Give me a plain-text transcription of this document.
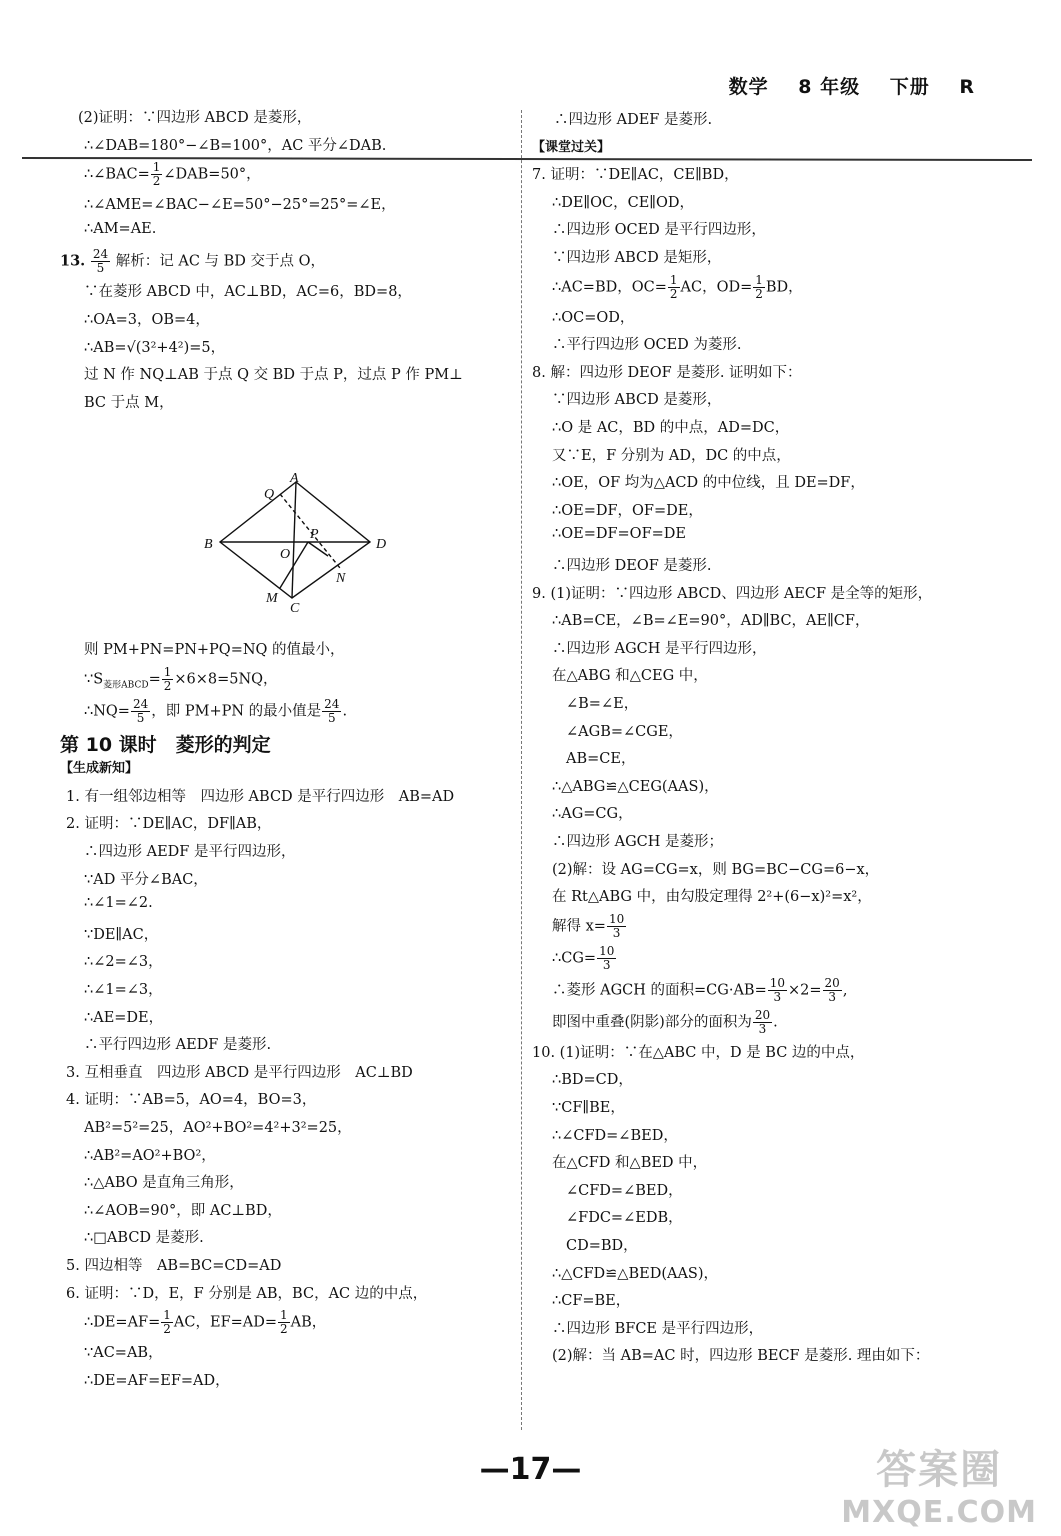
数学 8 年级 下册 R
(2)证明：∵四边形 ABCD 是菱形，
∴∠DAB=180°−∠B=100°，AC 平分∠DAB.
∴∠BAC= $\frac{1}{2}$ ∠DAB=50°，
∴∠AME=∠BAC−∠E=50°−25°=25°=∠E，
∴AM=AE.
13. $\frac{24}{5}$ 解析：记 AC 与 BD 交于点 O，
∵在菱形 ABCD 中，AC⊥BD，AC=6，BD=8，
∴OA=3，OB=4，
∴AB=√(3²+4²)=5，
过 N 作 NQ⊥AB 于点 Q 交 BD 于点 P，过点 P 作 PM⊥
BC 于点 M，
A
B
C
D
O
P
Q
M
N
则 PM+PN=PN+PQ=NQ 的值最小，
$\because S_{菱形ABCD}= \frac{1}{2} \times 6\times 8=5NQ$，
∴NQ= $\frac{24}{5}$ ，即 PM+PN 的最小值是 $\frac{24}{5}$ .
第 10 课时　菱形的判定
【生成新知】
1. 有一组邻边相等　四边形 ABCD 是平行四边形　AB=AD
2. 证明：∵DE∥AC，DF∥AB，
∴四边形 AEDF 是平行四边形，
∵AD 平分∠BAC，
∴∠1=∠2.
∵DE∥AC，
∴∠2=∠3，
∴∠1=∠3，
∴AE=DE，
∴平行四边形 AEDF 是菱形.
3. 互相垂直　四边形 ABCD 是平行四边形　AC⊥BD
4. 证明：∵AB=5，AO=4，BO=3，
AB²=5²=25，AO²+BO²=4²+3²=25，
∴AB²=AO²+BO²，
∴△ABO 是直角三角形，
∴∠AOB=90°，即 AC⊥BD，
∴□ABCD 是菱形.
5. 四边相等　AB=BC=CD=AD
6. 证明：∵D，E，F 分别是 AB，BC，AC 边的中点，
∴DE=AF= $\frac{1}{2}$ AC，$EF=AD= \frac{1}{2}$ AB，
∵AC=AB，
∴DE=AF=EF=AD，
∴四边形 ADEF 是菱形.
【课堂过关】
7. 证明：∵DE∥AC，CE∥BD，
∴DE∥OC，CE∥OD，
∴四边形 OCED 是平行四边形，
∵四边形 ABCD 是矩形，
∴AC=BD，$OC= \frac{1}{2}$ AC，$OD= \frac{1}{2}$ BD，
∴OC=OD，
∴平行四边形 OCED 为菱形.
8. 解：四边形 DEOF 是菱形. 证明如下：
∵四边形 ABCD 是菱形，
∴O 是 AC，BD 的中点，AD=DC，
又∵E，F 分别为 AD，DC 的中点，
∴OE，OF 均为△ACD 的中位线，且 DE=DF，
∴OE=DF，OF=DE，
∴OE=DF=OF=DE
∴四边形 DEOF 是菱形.
9. (1)证明：∵四边形 ABCD、四边形 AECF 是全等的矩形，
∴AB=CE，∠B=∠E=90°，AD∥BC，AE∥CF，
∴四边形 AGCH 是平行四边形，
在△ABG 和△CEG 中，
∠B=∠E，
∠AGB=∠CGE，
AB=CE，
∴△ABG≌△CEG(AAS)，
∴AG=CG，
∴四边形 AGCH 是菱形；
(2)解：设 AG=CG=x，则 BG=BC−CG=6−x，
在 Rt△ABG 中，由勾股定理得 2²+(6−x)²=x²，
解得 $x= \frac{10}{3}$
∴CG= $\frac{10}{3}$
∴菱形 AGCH 的面积$=CG\cdot AB= \frac{10}{3} \times 2= \frac{20}{3}$ ,
即图中重叠(阴影)部分的面积为 $\frac{20}{3}$ .
10. (1)证明：∵在△ABC 中，D 是 BC 边的中点，
∴BD=CD，
∵CF∥BE，
∴∠CFD=∠BED，
在△CFD 和△BED 中，
∠CFD=∠BED，
∠FDC=∠EDB，
CD=BD，
∴△CFD≌△BED(AAS)，
∴CF=BE，
∴四边形 BFCE 是平行四边形，
(2)解：当 AB=AC 时，四边形 BECF 是菱形. 理由如下：
—17—	答案圈
MXQE.COM
